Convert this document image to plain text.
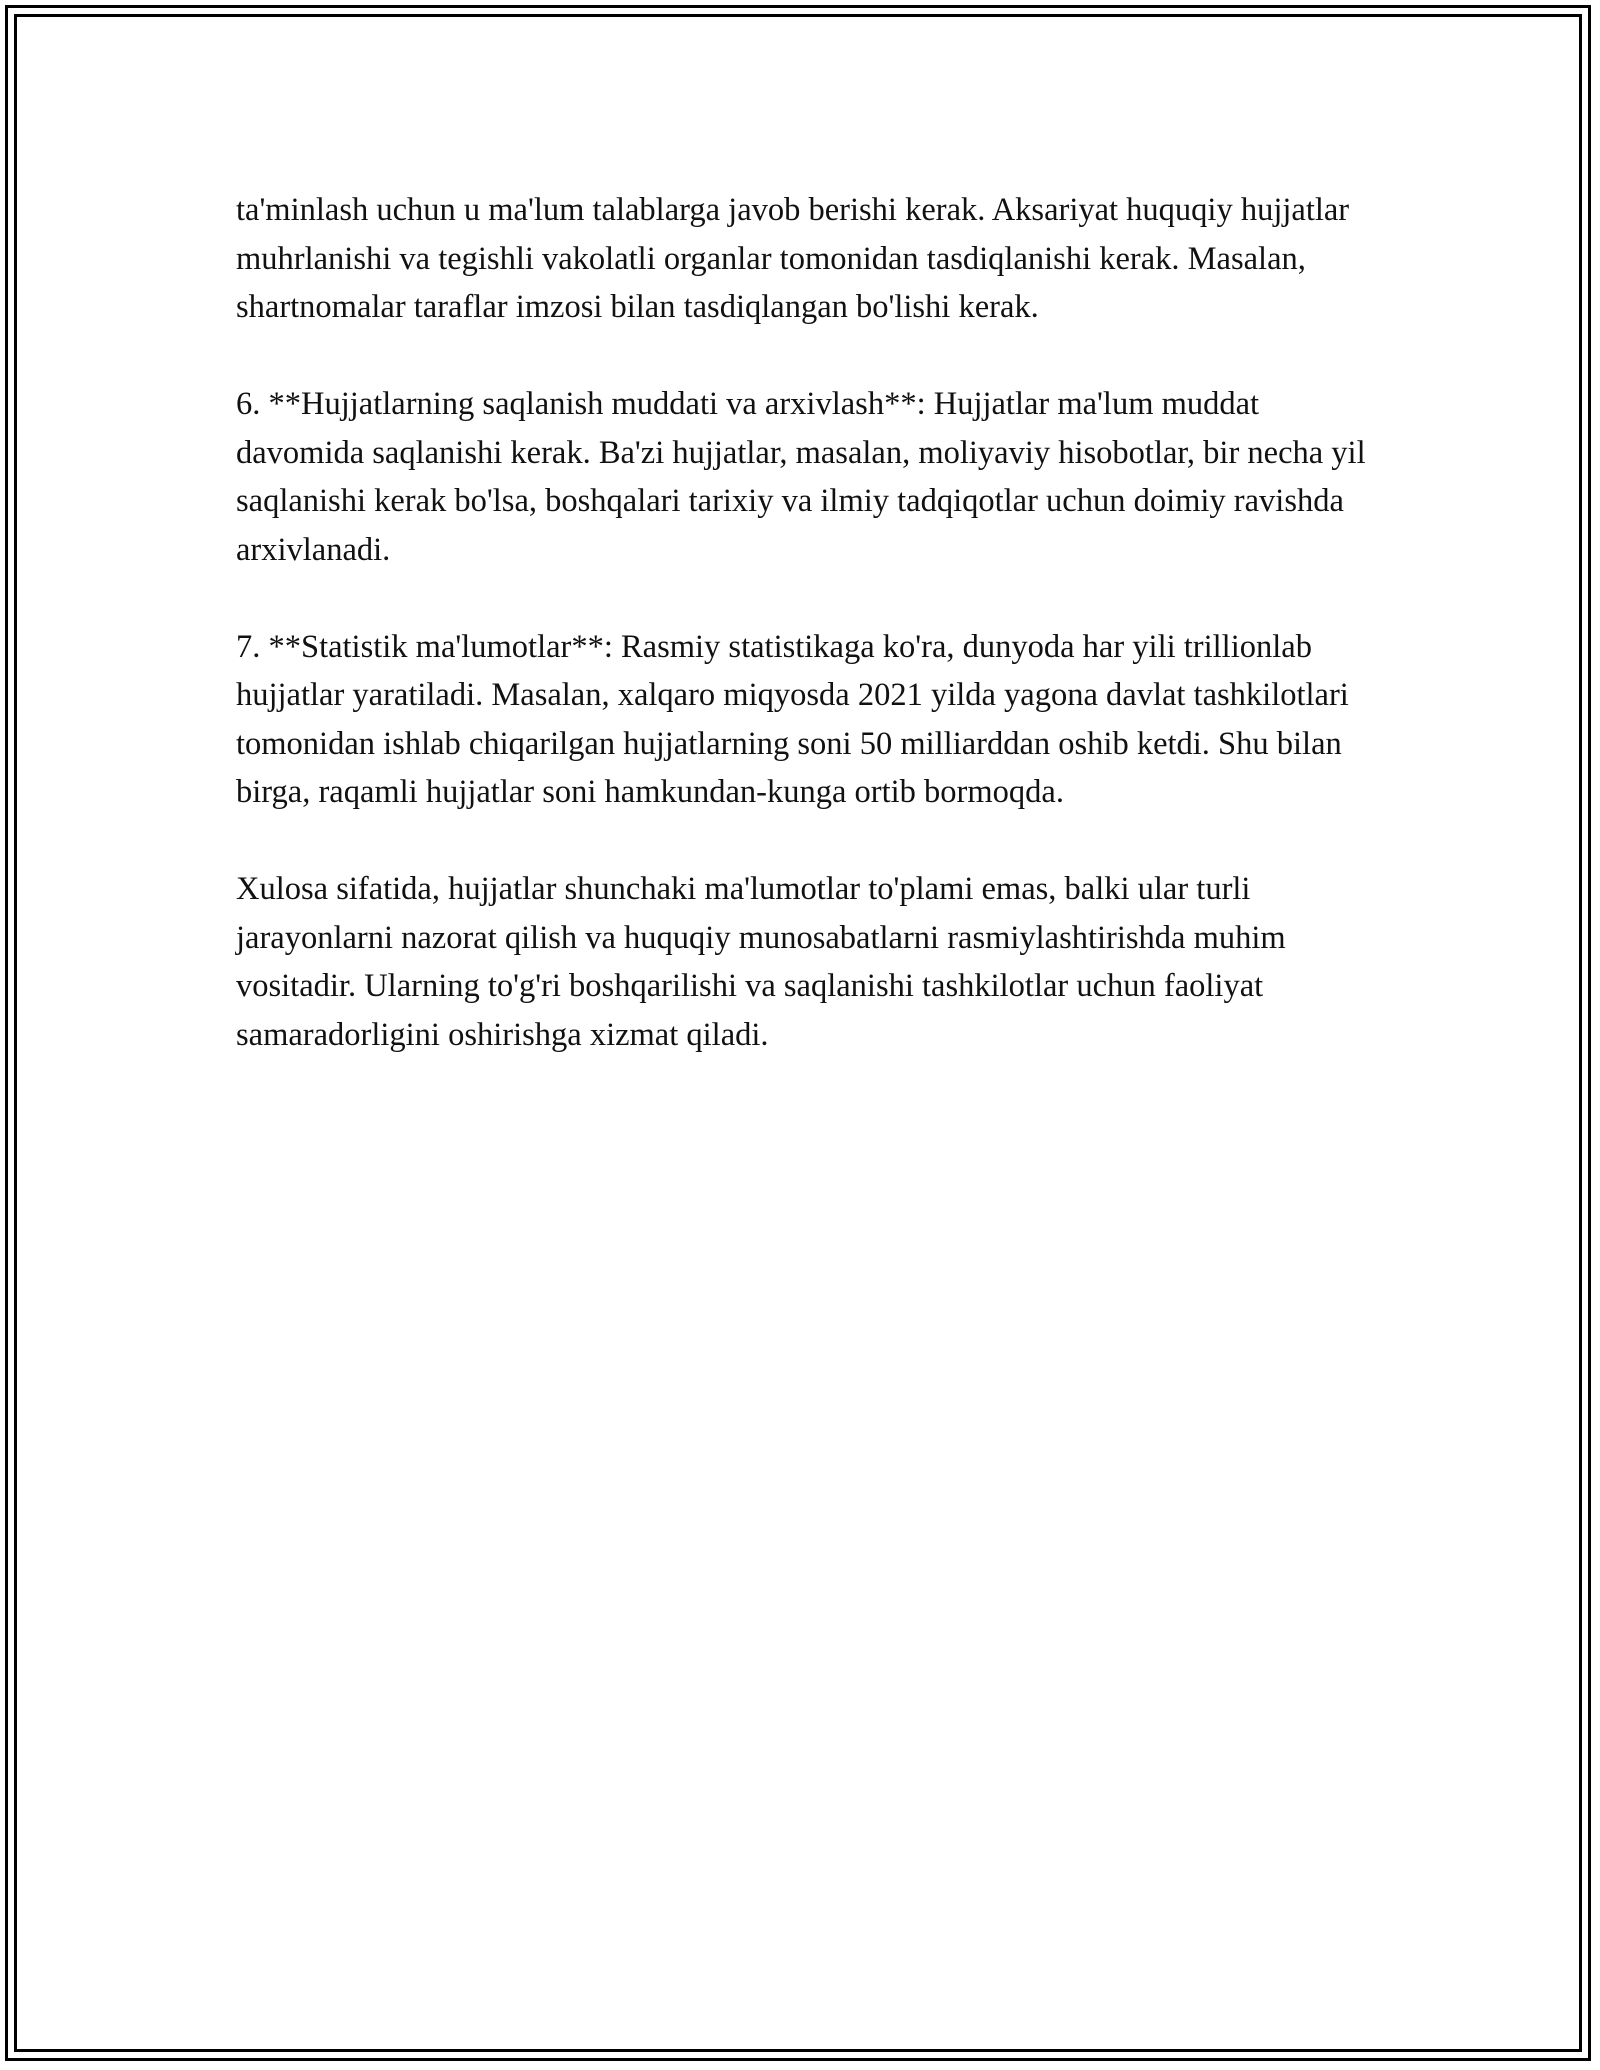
ta'minlash uchun u ma'lum talablarga javob berishi kerak. Aksariyat huquqiy hujjatlar muhrlanishi va tegishli vakolatli organlar tomonidan tasdiqlanishi kerak. Masalan, shartnomalar taraflar imzosi bilan tasdiqlangan bo'lishi kerak.

6. **Hujjatlarning saqlanish muddati va arxivlash**: Hujjatlar ma'lum muddat davomida saqlanishi kerak. Ba'zi hujjatlar, masalan, moliyaviy hisobotlar, bir necha yil saqlanishi kerak bo'lsa, boshqalari tarixiy va ilmiy tadqiqotlar uchun doimiy ravishda arxivlanadi.

7. **Statistik ma'lumotlar**: Rasmiy statistikaga ko'ra, dunyoda har yili trillionlab hujjatlar yaratiladi. Masalan, xalqaro miqyosda 2021 yilda yagona davlat tashkilotlari tomonidan ishlab chiqarilgan hujjatlarning soni 50 milliarddan oshib ketdi. Shu bilan birga, raqamli hujjatlar soni hamkundan-kunga ortib bormoqda.

Xulosa sifatida, hujjatlar shunchaki ma'lumotlar to'plami emas, balki ular turli jarayonlarni nazorat qilish va huquqiy munosabatlarni rasmiylashtirishda muhim vositadir. Ularning to'g'ri boshqarilishi va saqlanishi tashkilotlar uchun faoliyat samaradorligini oshirishga xizmat qiladi.
